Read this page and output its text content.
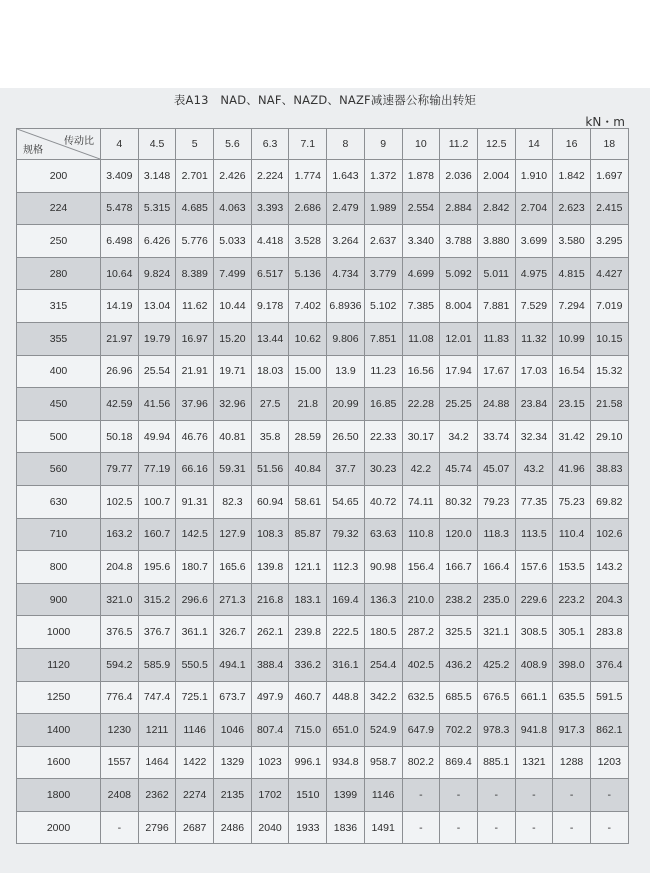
表A13　NAD、NAF、NAZD、NAZF减速器公称输出转矩
kN・m
传动比
规格	4	4.5	5	5.6	6.3	7.1	8	9	10	11.2	12.5	14	16	18
200	3.409	3.148	2.701	2.426	2.224	1.774	1.643	1.372	1.878	2.036	2.004	1.910	1.842	1.697
224	5.478	5.315	4.685	4.063	3.393	2.686	2.479	1.989	2.554	2.884	2.842	2.704	2.623	2.415
250	6.498	6.426	5.776	5.033	4.418	3.528	3.264	2.637	3.340	3.788	3.880	3.699	3.580	3.295
280	10.64	9.824	8.389	7.499	6.517	5.136	4.734	3.779	4.699	5.092	5.011	4.975	4.815	4.427
315	14.19	13.04	11.62	10.44	9.178	7.402	6.8936	5.102	7.385	8.004	7.881	7.529	7.294	7.019
355	21.97	19.79	16.97	15.20	13.44	10.62	9.806	7.851	11.08	12.01	11.83	11.32	10.99	10.15
400	26.96	25.54	21.91	19.71	18.03	15.00	13.9	11.23	16.56	17.94	17.67	17.03	16.54	15.32
450	42.59	41.56	37.96	32.96	27.5	21.8	20.99	16.85	22.28	25.25	24.88	23.84	23.15	21.58
500	50.18	49.94	46.76	40.81	35.8	28.59	26.50	22.33	30.17	34.2	33.74	32.34	31.42	29.10
560	79.77	77.19	66.16	59.31	51.56	40.84	37.7	30.23	42.2	45.74	45.07	43.2	41.96	38.83
630	102.5	100.7	91.31	82.3	60.94	58.61	54.65	40.72	74.11	80.32	79.23	77.35	75.23	69.82
710	163.2	160.7	142.5	127.9	108.3	85.87	79.32	63.63	110.8	120.0	118.3	113.5	110.4	102.6
800	204.8	195.6	180.7	165.6	139.8	121.1	112.3	90.98	156.4	166.7	166.4	157.6	153.5	143.2
900	321.0	315.2	296.6	271.3	216.8	183.1	169.4	136.3	210.0	238.2	235.0	229.6	223.2	204.3
1000	376.5	376.7	361.1	326.7	262.1	239.8	222.5	180.5	287.2	325.5	321.1	308.5	305.1	283.8
1120	594.2	585.9	550.5	494.1	388.4	336.2	316.1	254.4	402.5	436.2	425.2	408.9	398.0	376.4
1250	776.4	747.4	725.1	673.7	497.9	460.7	448.8	342.2	632.5	685.5	676.5	661.1	635.5	591.5
1400	1230	1211	1146	1046	807.4	715.0	651.0	524.9	647.9	702.2	978.3	941.8	917.3	862.1
1600	1557	1464	1422	1329	1023	996.1	934.8	958.7	802.2	869.4	885.1	1321	1288	1203
1800	2408	2362	2274	2135	1702	1510	1399	1146	-	-	-	-	-	-
2000	-	2796	2687	2486	2040	1933	1836	1491	-	-	-	-	-	-
